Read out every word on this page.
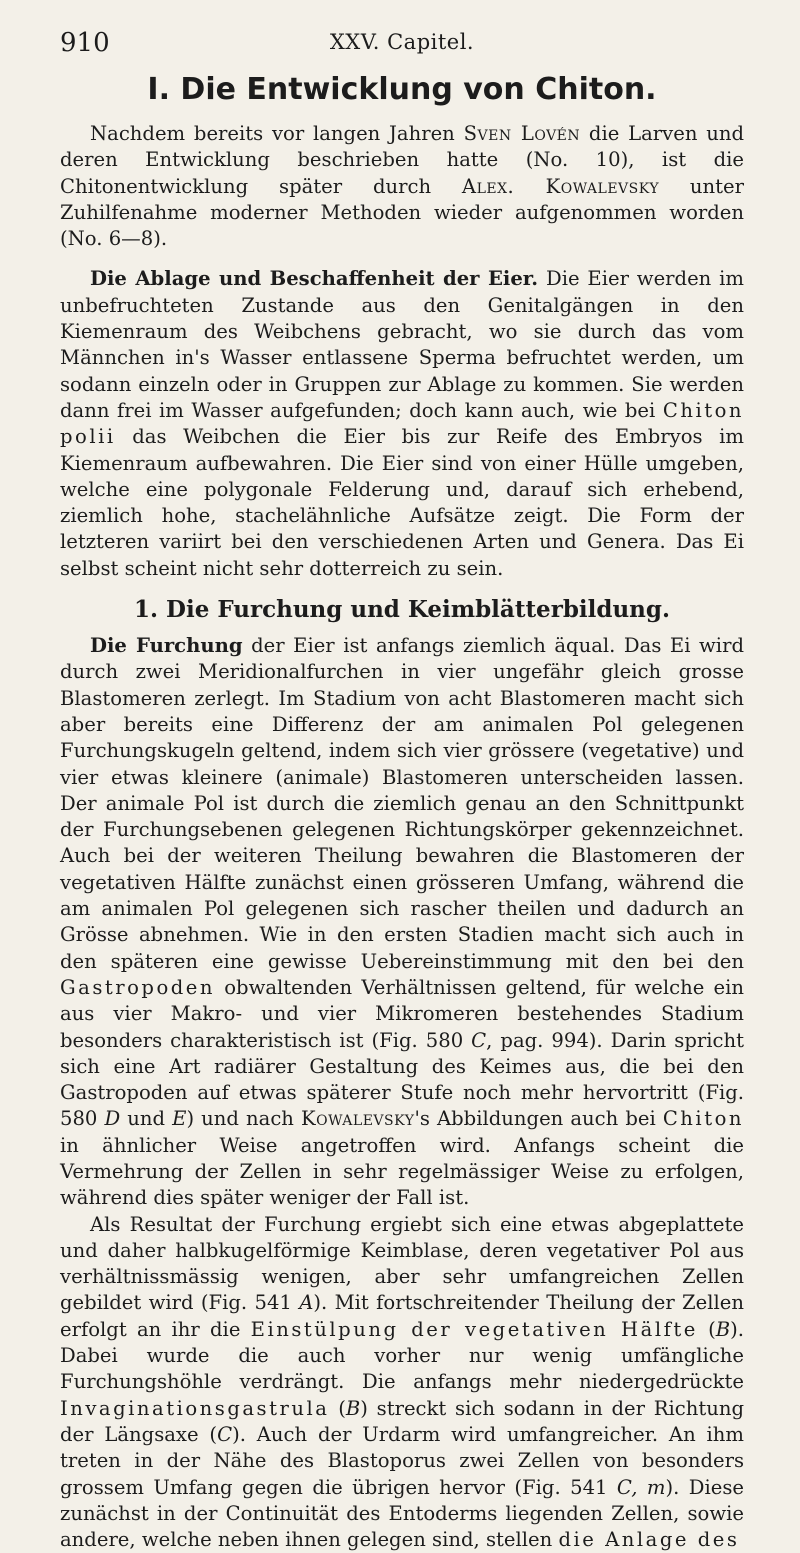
910	XXV. Capitel.
I. Die Entwicklung von Chiton.

Nachdem bereits vor langen Jahren Sven Lovén die Larven und deren Entwicklung beschrieben hatte (No. 10), ist die Chitonentwicklung später durch Alex. Kowalevsky unter Zuhilfenahme moderner Methoden wieder aufgenommen worden (No. 6—8).

Die Ablage und Beschaffenheit der Eier. Die Eier werden im unbefruchteten Zustande aus den Genitalgängen in den Kiemenraum des Weibchens gebracht, wo sie durch das vom Männchen in's Wasser entlassene Sperma befruchtet werden, um sodann einzeln oder in Gruppen zur Ablage zu kommen. Sie werden dann frei im Wasser aufgefunden; doch kann auch, wie bei Chiton polii das Weibchen die Eier bis zur Reife des Embryos im Kiemenraum aufbewahren. Die Eier sind von einer Hülle umgeben, welche eine polygonale Felderung und, darauf sich erhebend, ziemlich hohe, stachelähnliche Aufsätze zeigt. Die Form der letzteren variirt bei den verschiedenen Arten und Genera. Das Ei selbst scheint nicht sehr dotterreich zu sein.

1. Die Furchung und Keimblätterbildung.

Die Furchung der Eier ist anfangs ziemlich äqual. Das Ei wird durch zwei Meridionalfurchen in vier ungefähr gleich grosse Blastomeren zerlegt. Im Stadium von acht Blastomeren macht sich aber bereits eine Differenz der am animalen Pol gelegenen Furchungskugeln geltend, indem sich vier grössere (vegetative) und vier etwas kleinere (animale) Blastomeren unterscheiden lassen. Der animale Pol ist durch die ziemlich genau an den Schnittpunkt der Furchungsebenen gelegenen Richtungskörper gekennzeichnet. Auch bei der weiteren Theilung bewahren die Blastomeren der vegetativen Hälfte zunächst einen grösseren Umfang, während die am animalen Pol gelegenen sich rascher theilen und dadurch an Grösse abnehmen. Wie in den ersten Stadien macht sich auch in den späteren eine gewisse Uebereinstimmung mit den bei den Gastropoden obwaltenden Verhältnissen geltend, für welche ein aus vier Makro- und vier Mikromeren bestehendes Stadium besonders charakteristisch ist (Fig. 580 C, pag. 994). Darin spricht sich eine Art radiärer Gestaltung des Keimes aus, die bei den Gastropoden auf etwas späterer Stufe noch mehr hervortritt (Fig. 580 D und E) und nach Kowalevsky's Abbildungen auch bei Chiton in ähnlicher Weise angetroffen wird. Anfangs scheint die Vermehrung der Zellen in sehr regelmässiger Weise zu erfolgen, während dies später weniger der Fall ist.

Als Resultat der Furchung ergiebt sich eine etwas abgeplattete und daher halbkugelförmige Keimblase, deren vegetativer Pol aus verhältnissmässig wenigen, aber sehr umfangreichen Zellen gebildet wird (Fig. 541 A). Mit fortschreitender Theilung der Zellen erfolgt an ihr die Einstülpung der vegetativen Hälfte (B). Dabei wurde die auch vorher nur wenig umfängliche Furchungshöhle verdrängt. Die anfangs mehr niedergedrückte Invaginationsgastrula (B) streckt sich sodann in der Richtung der Längsaxe (C). Auch der Urdarm wird umfangreicher. An ihm treten in der Nähe des Blastoporus zwei Zellen von besonders grossem Umfang gegen die übrigen hervor (Fig. 541 C, m). Diese zunächst in der Continuität des Entoderms liegenden Zellen, sowie andere, welche neben ihnen gelegen sind, stellen die Anlage des
